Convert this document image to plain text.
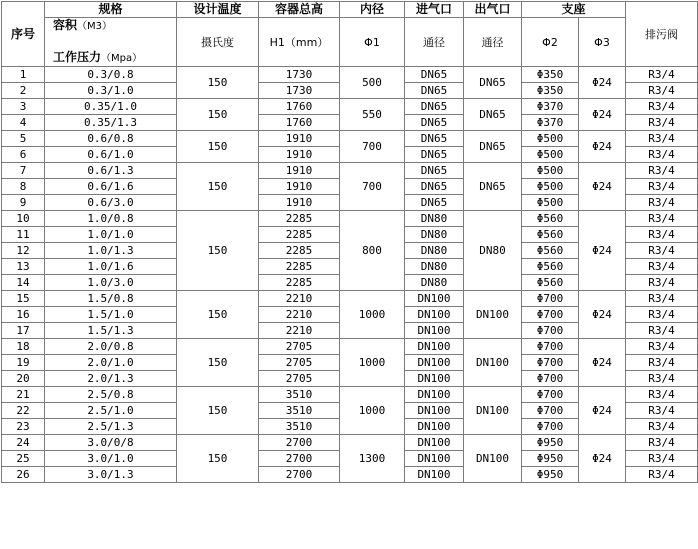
序号	规格	设计温度	容器总高	内径	进气口	出气口	支座		排污阀

	容积（M3）
工作压力（Mpa）	摄氏度	H1（mm）	Φ1	通径	通径	Φ2	Φ3	

1	0.3/0.8	150	1730	500	DN65	DN65	Φ350	Φ24	R3/4
2	0.3/1.0		1730		DN65		Φ350		R3/4
3	0.35/1.0	150	1760	550	DN65	DN65	Φ370	Φ24	R3/4
4	0.35/1.3		1760		DN65		Φ370		R3/4
5	0.6/0.8	150	1910	700	DN65	DN65	Φ500	Φ24	R3/4
6	0.6/1.0		1910		DN65		Φ500		R3/4
7	0.6/1.3	150	1910	700	DN65	DN65	Φ500	Φ24	R3/4
8	0.6/1.6		1910		DN65		Φ500		R3/4
9	0.6/3.0		1910		DN65		Φ500		R3/4
10	1.0/0.8	150	2285	800	DN80	DN80	Φ560	Φ24	R3/4
11	1.0/1.0		2285		DN80		Φ560		R3/4
12	1.0/1.3		2285		DN80		Φ560		R3/4
13	1.0/1.6		2285		DN80		Φ560		R3/4
14	1.0/3.0		2285		DN80		Φ560		R3/4
15	1.5/0.8	150	2210	1000	DN100	DN100	Φ700	Φ24	R3/4
16	1.5/1.0		2210		DN100		Φ700		R3/4
17	1.5/1.3		2210		DN100		Φ700		R3/4
18	2.0/0.8	150	2705	1000	DN100	DN100	Φ700	Φ24	R3/4
19	2.0/1.0		2705		DN100		Φ700		R3/4
20	2.0/1.3		2705		DN100		Φ700		R3/4
21	2.5/0.8	150	3510	1000	DN100	DN100	Φ700	Φ24	R3/4
22	2.5/1.0		3510		DN100		Φ700		R3/4
23	2.5/1.3		3510		DN100		Φ700		R3/4
24	3.0/0/8	150	2700	1300	DN100	DN100	Φ950	Φ24	R3/4
25	3.0/1.0		2700		DN100		Φ950		R3/4
26	3.0/1.3		2700		DN100		Φ950		R3/4
